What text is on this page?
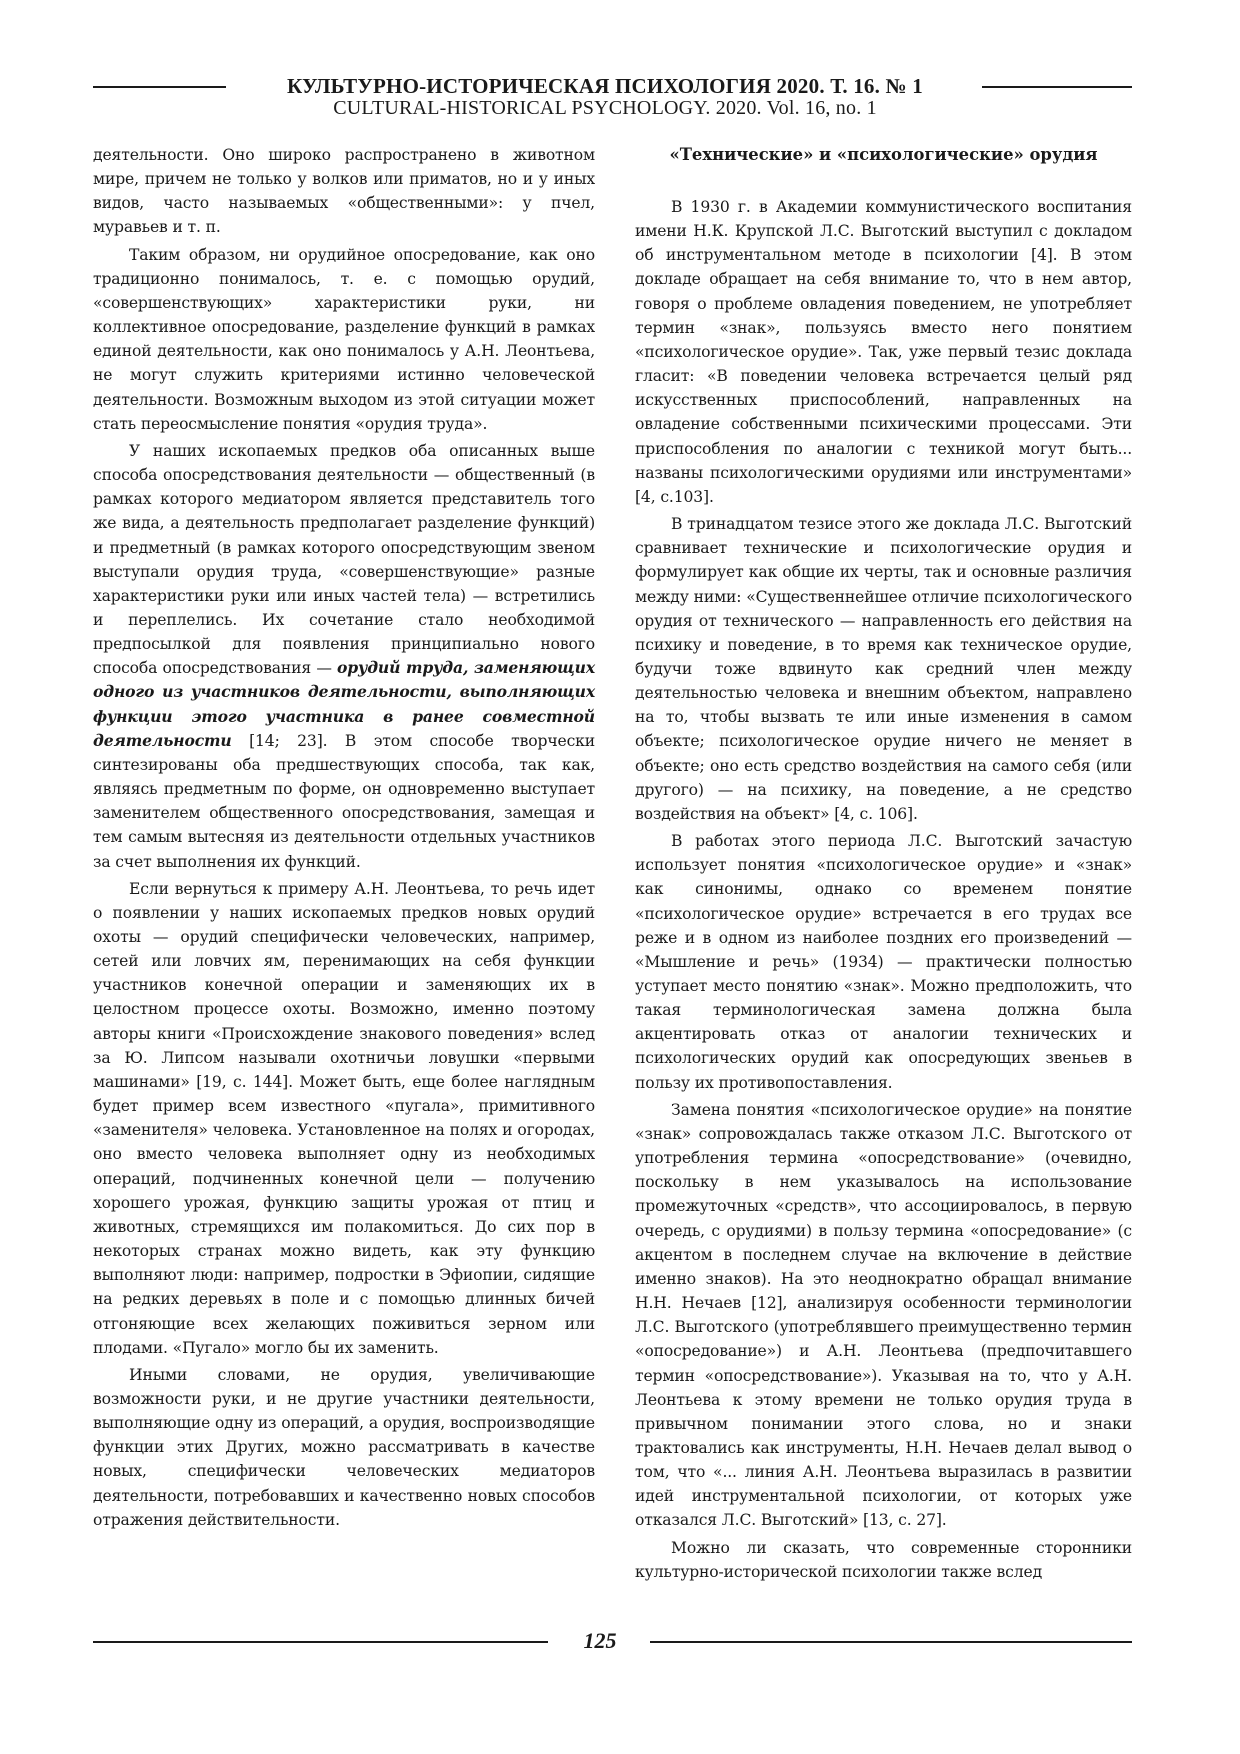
КУЛЬТУРНО-ИСТОРИЧЕСКАЯ ПСИХОЛОГИЯ 2020. Т. 16. № 1
CULTURAL-HISTORICAL PSYCHOLOGY. 2020. Vol. 16, no. 1

деятельности. Оно широко распространено в животном мире, причем не только у волков или приматов, но и у иных видов, часто называемых «общественными»: у пчел, муравьев и т. п.

Таким образом, ни орудийное опосредование, как оно традиционно понималось, т. е. с помощью орудий, «совершенствующих» характеристики руки, ни коллективное опосредование, разделение функций в рамках единой деятельности, как оно понималось у А.Н. Леонтьева, не могут служить критериями истинно человеческой деятельности. Возможным выходом из этой ситуации может стать переосмысление понятия «орудия труда».

У наших ископаемых предков оба описанных выше способа опосредствования деятельности — общественный (в рамках которого медиатором является представитель того же вида, а деятельность предполагает разделение функций) и предметный (в рамках которого опосредствующим звеном выступали орудия труда, «совершенствующие» разные характеристики руки или иных частей тела) — встретились и переплелись. Их сочетание стало необходимой предпосылкой для появления принципиально нового способа опосредствования — орудий труда, заменяющих одного из участников деятельности, выполняющих функции этого участника в ранее совместной деятельности [14; 23]. В этом способе творчески синтезированы оба предшествующих способа, так как, являясь предметным по форме, он одновременно выступает заменителем общественного опосредствования, замещая и тем самым вытесняя из деятельности отдельных участников за счет выполнения их функций.

Если вернуться к примеру А.Н. Леонтьева, то речь идет о появлении у наших ископаемых предков новых орудий охоты — орудий специфически человеческих, например, сетей или ловчих ям, перенимающих на себя функции участников конечной операции и заменяющих их в целостном процессе охоты. Возможно, именно поэтому авторы книги «Происхождение знакового поведения» вслед за Ю. Липсом называли охотничьи ловушки «первыми машинами» [19, с. 144]. Может быть, еще более наглядным будет пример всем известного «пугала», примитивного «заменителя» человека. Установленное на полях и огородах, оно вместо человека выполняет одну из необходимых операций, подчиненных конечной цели — получению хорошего урожая, функцию защиты урожая от птиц и животных, стремящихся им полакомиться. До сих пор в некоторых странах можно видеть, как эту функцию выполняют люди: например, подростки в Эфиопии, сидящие на редких деревьях в поле и с помощью длинных бичей отгоняющие всех желающих поживиться зерном или плодами. «Пугало» могло бы их заменить.

Иными словами, не орудия, увеличивающие возможности руки, и не другие участники деятельности, выполняющие одну из операций, а орудия, воспроизводящие функции этих Других, можно рассматривать в качестве новых, специфически человеческих медиаторов деятельности, потребовавших и качественно новых способов отражения действительности.

«Технические» и «психологические» орудия

В 1930 г. в Академии коммунистического воспитания имени Н.К. Крупской Л.С. Выготский выступил с докладом об инструментальном методе в психологии [4]. В этом докладе обращает на себя внимание то, что в нем автор, говоря о проблеме овладения поведением, не употребляет термин «знак», пользуясь вместо него понятием «психологическое орудие». Так, уже первый тезис доклада гласит: «В поведении человека встречается целый ряд искусственных приспособлений, направленных на овладение собственными психическими процессами. Эти приспособления по аналогии с техникой могут быть... названы психологическими орудиями или инструментами» [4, с.103].

В тринадцатом тезисе этого же доклада Л.С. Выготский сравнивает технические и психологические орудия и формулирует как общие их черты, так и основные различия между ними: «Существеннейшее отличие психологического орудия от технического — направленность его действия на психику и поведение, в то время как техническое орудие, будучи тоже вдвинуто как средний член между деятельностью человека и внешним объектом, направлено на то, чтобы вызвать те или иные изменения в самом объекте; психологическое орудие ничего не меняет в объекте; оно есть средство воздействия на самого себя (или другого) — на психику, на поведение, а не средство воздействия на объект» [4, с. 106].

В работах этого периода Л.С. Выготский зачастую использует понятия «психологическое орудие» и «знак» как синонимы, однако со временем понятие «психологическое орудие» встречается в его трудах все реже и в одном из наиболее поздних его произведений — «Мышление и речь» (1934) — практически полностью уступает место понятию «знак». Можно предположить, что такая терминологическая замена должна была акцентировать отказ от аналогии технических и психологических орудий как опосредующих звеньев в пользу их противопоставления.

Замена понятия «психологическое орудие» на понятие «знак» сопровождалась также отказом Л.С. Выготского от употребления термина «опосредствование» (очевидно, поскольку в нем указывалось на использование промежуточных «средств», что ассоциировалось, в первую очередь, с орудиями) в пользу термина «опосредование» (с акцентом в последнем случае на включение в действие именно знаков). На это неоднократно обращал внимание Н.Н. Нечаев [12], анализируя особенности терминологии Л.С. Выготского (употреблявшего преимущественно термин «опосредование») и А.Н. Леонтьева (предпочитавшего термин «опосредствование»). Указывая на то, что у А.Н. Леонтьева к этому времени не только орудия труда в привычном понимании этого слова, но и знаки трактовались как инструменты, Н.Н. Нечаев делал вывод о том, что «... линия А.Н. Леонтьева выразилась в развитии идей инструментальной психологии, от которых уже отказался Л.С. Выготский» [13, с. 27].

Можно ли сказать, что современные сторонники культурно-исторической психологии также вслед

125
